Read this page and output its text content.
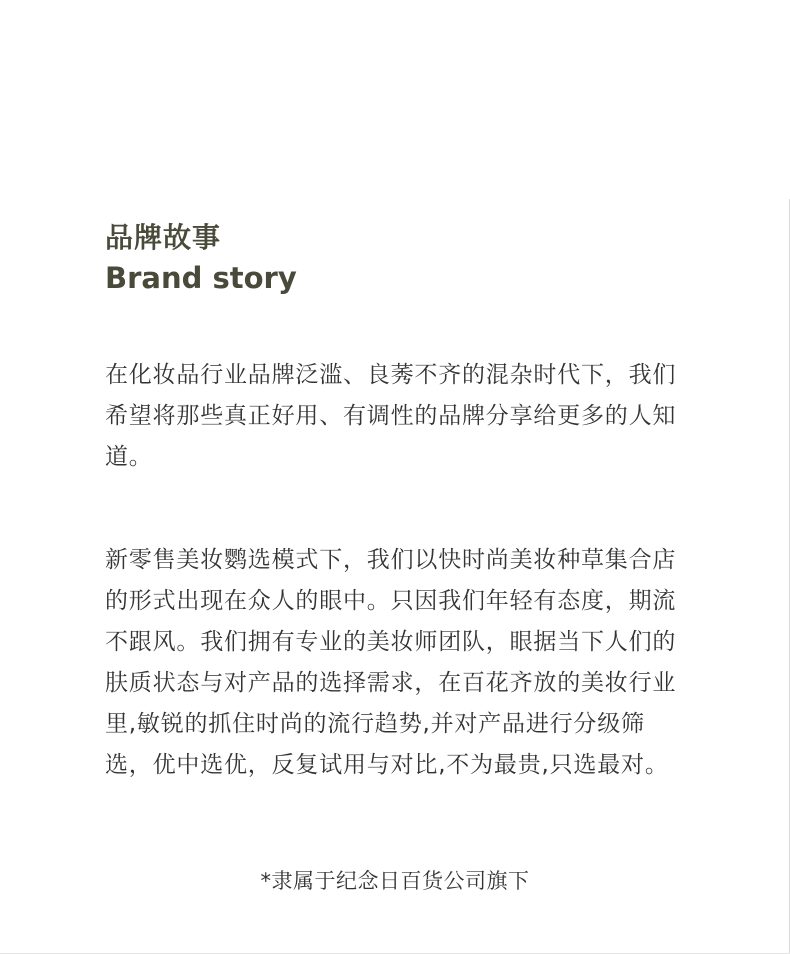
品牌故事
Brand story

在化妆品行业品牌泛滥、良莠不齐的混杂时代下，我们希望将那些真正好用、有调性的品牌分享给更多的人知道。

新零售美妆鹦选模式下，我们以快时尚美妆种草集合店的形式出现在众人的眼中。只因我们年轻有态度，期流不跟风。我们拥有专业的美妆师团队，眼据当下人们的肤质状态与对产品的选择需求，在百花齐放的美妆行业里,敏锐的抓住时尚的流行趋势,并对产品进行分级筛选，优中选优，反复试用与对比,不为最贵,只选最对。

*隶属于纪念日百货公司旗下
